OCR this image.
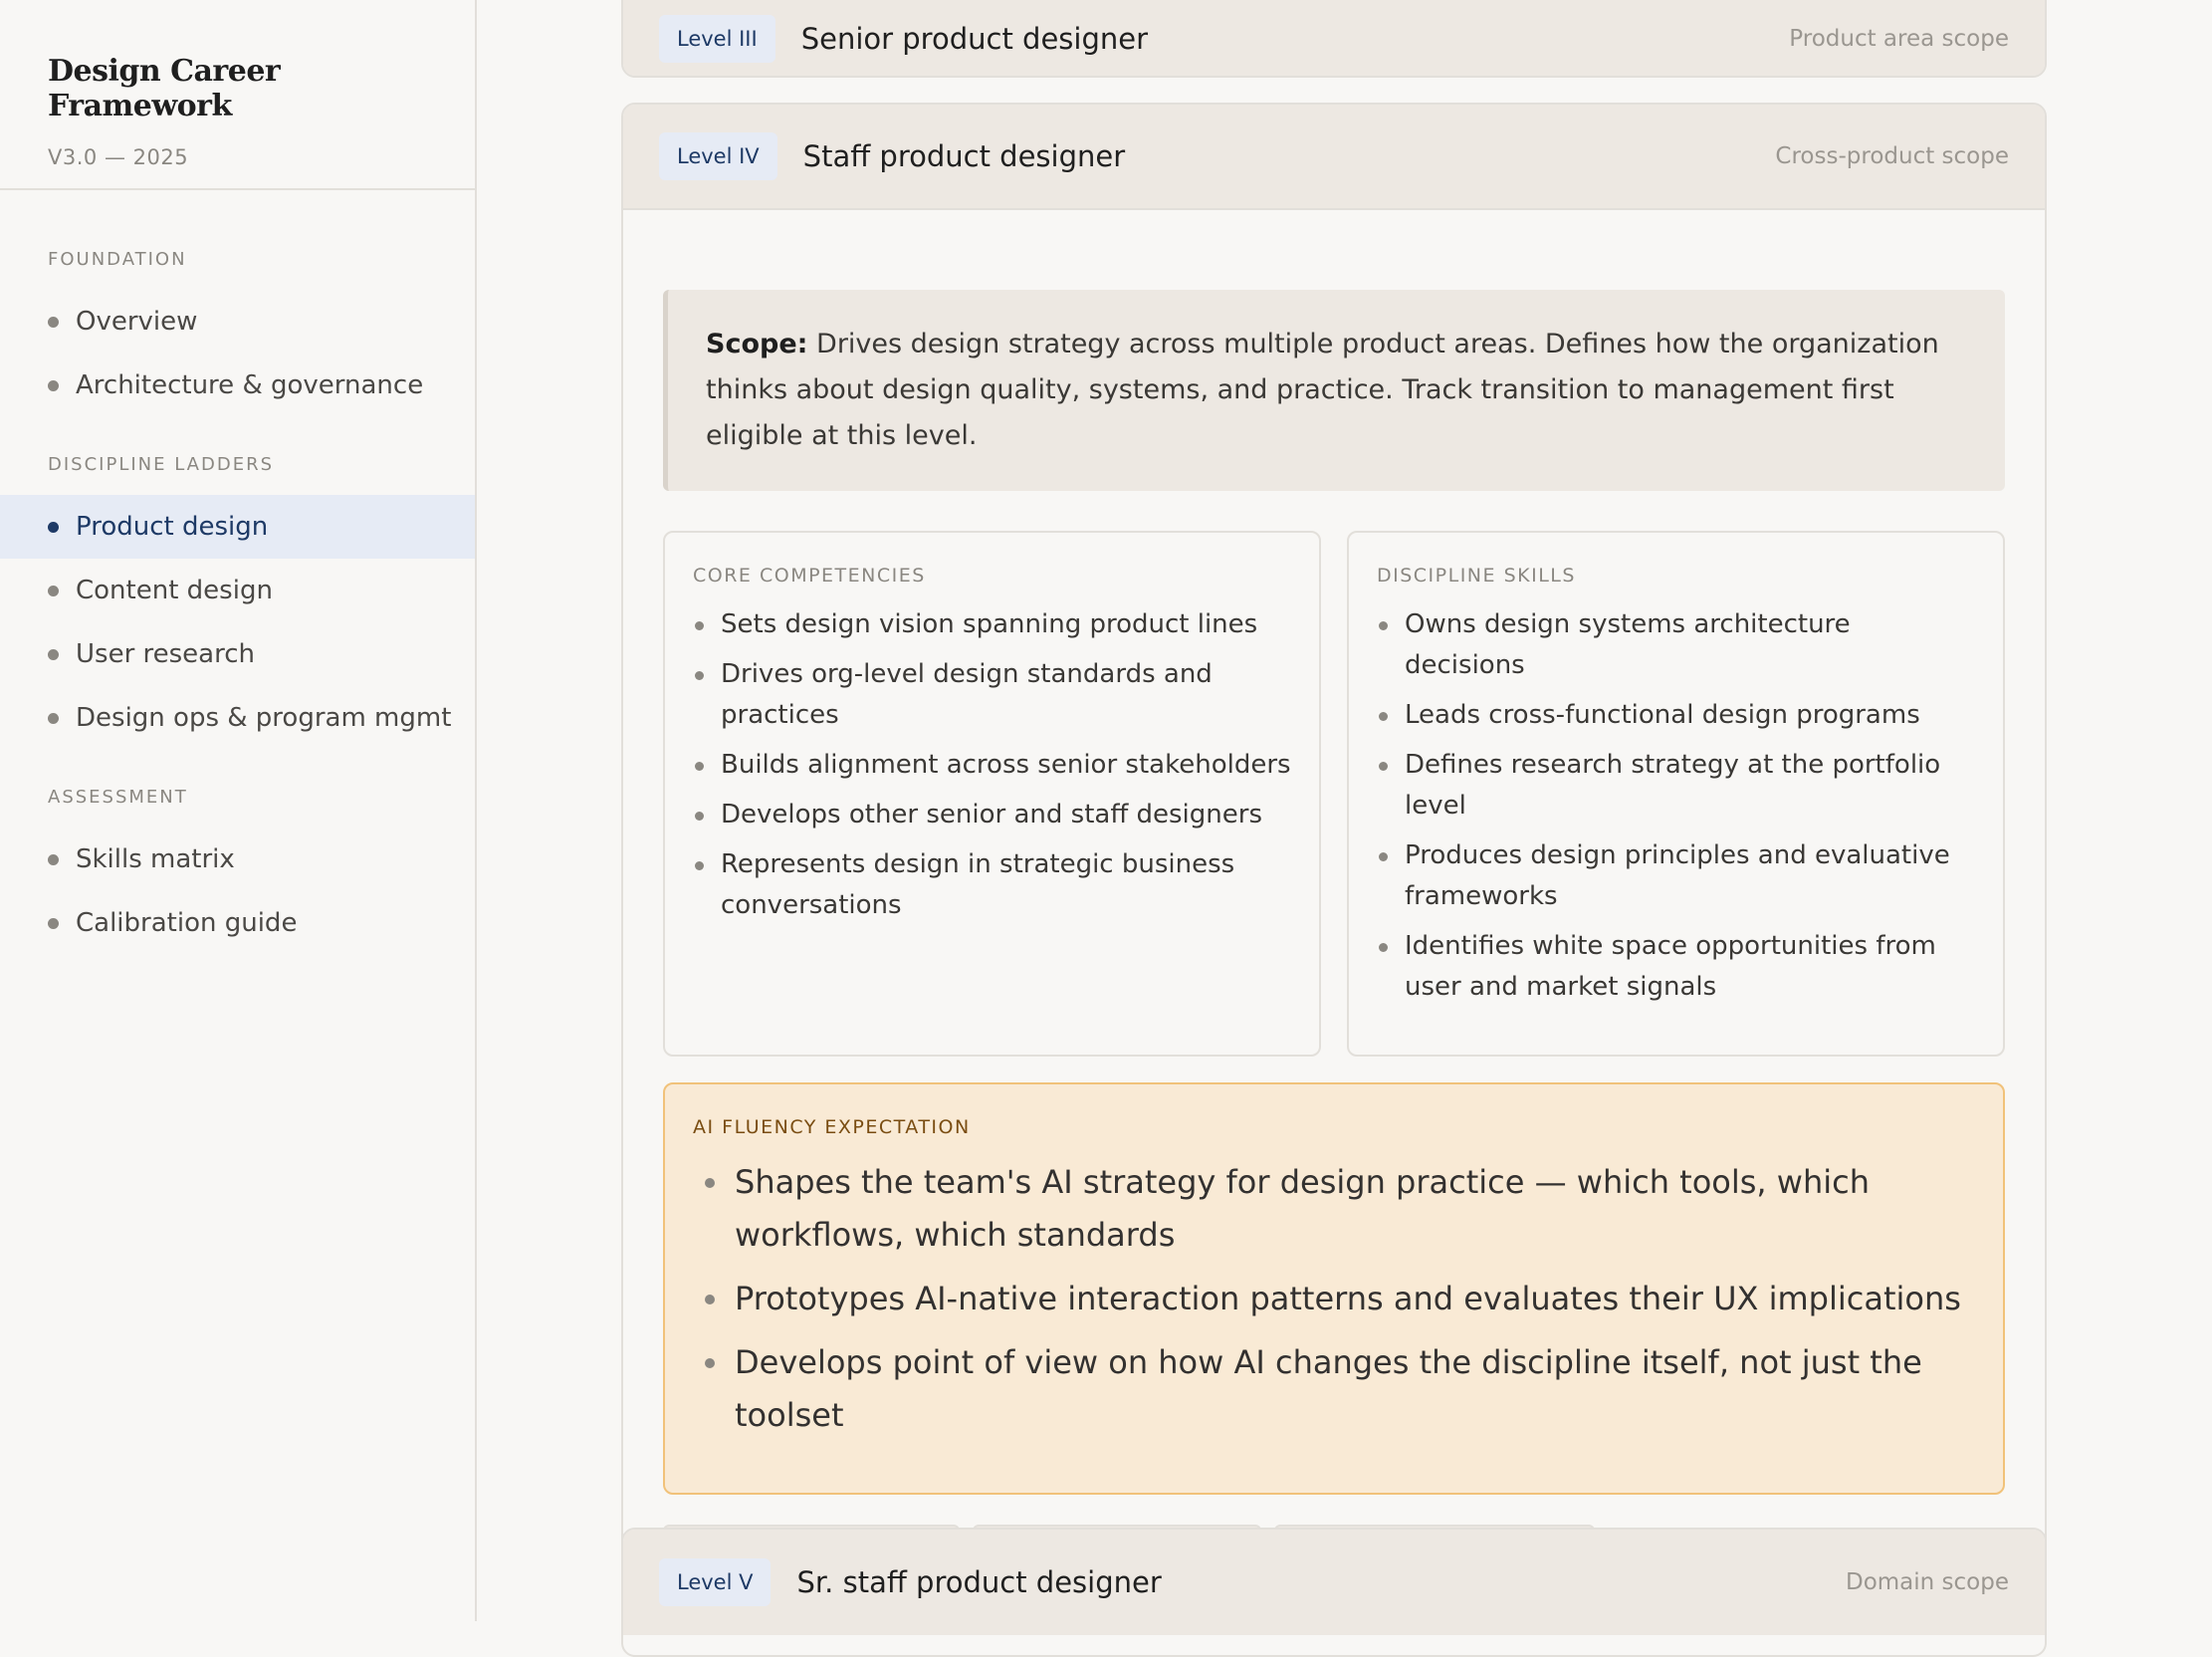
Design Career Framework
V3.0 — 2025
FOUNDATION
Overview
Architecture & governance
DISCIPLINE LADDERS
Product design
Content design
User research
Design ops & program mgmt
ASSESSMENT
Skills matrix
Calibration guide
Level III	Senior product designer	Product area scope
Level IV	Staff product designer	Cross-product scope
Scope: Drives design strategy across multiple product areas. Defines how the organization thinks about design quality, systems, and practice. Track transition to management first eligible at this level.
CORE COMPETENCIES
Sets design vision spanning product lines
Drives org-level design standards and practices
Builds alignment across senior stakeholders
Develops other senior and staff designers
Represents design in strategic business conversations
DISCIPLINE SKILLS
Owns design systems architecture decisions
Leads cross-functional design programs
Defines research strategy at the portfolio level
Produces design principles and evaluative frameworks
Identifies white space opportunities from user and market signals
AI FLUENCY EXPECTATION
Shapes the team's AI strategy for design practice — which tools, which workflows, which standards
Prototypes AI-native interaction patterns and evaluates their UX implications
Develops point of view on how AI changes the discipline itself, not just the toolset
Level V	Sr. staff product designer	Domain scope
